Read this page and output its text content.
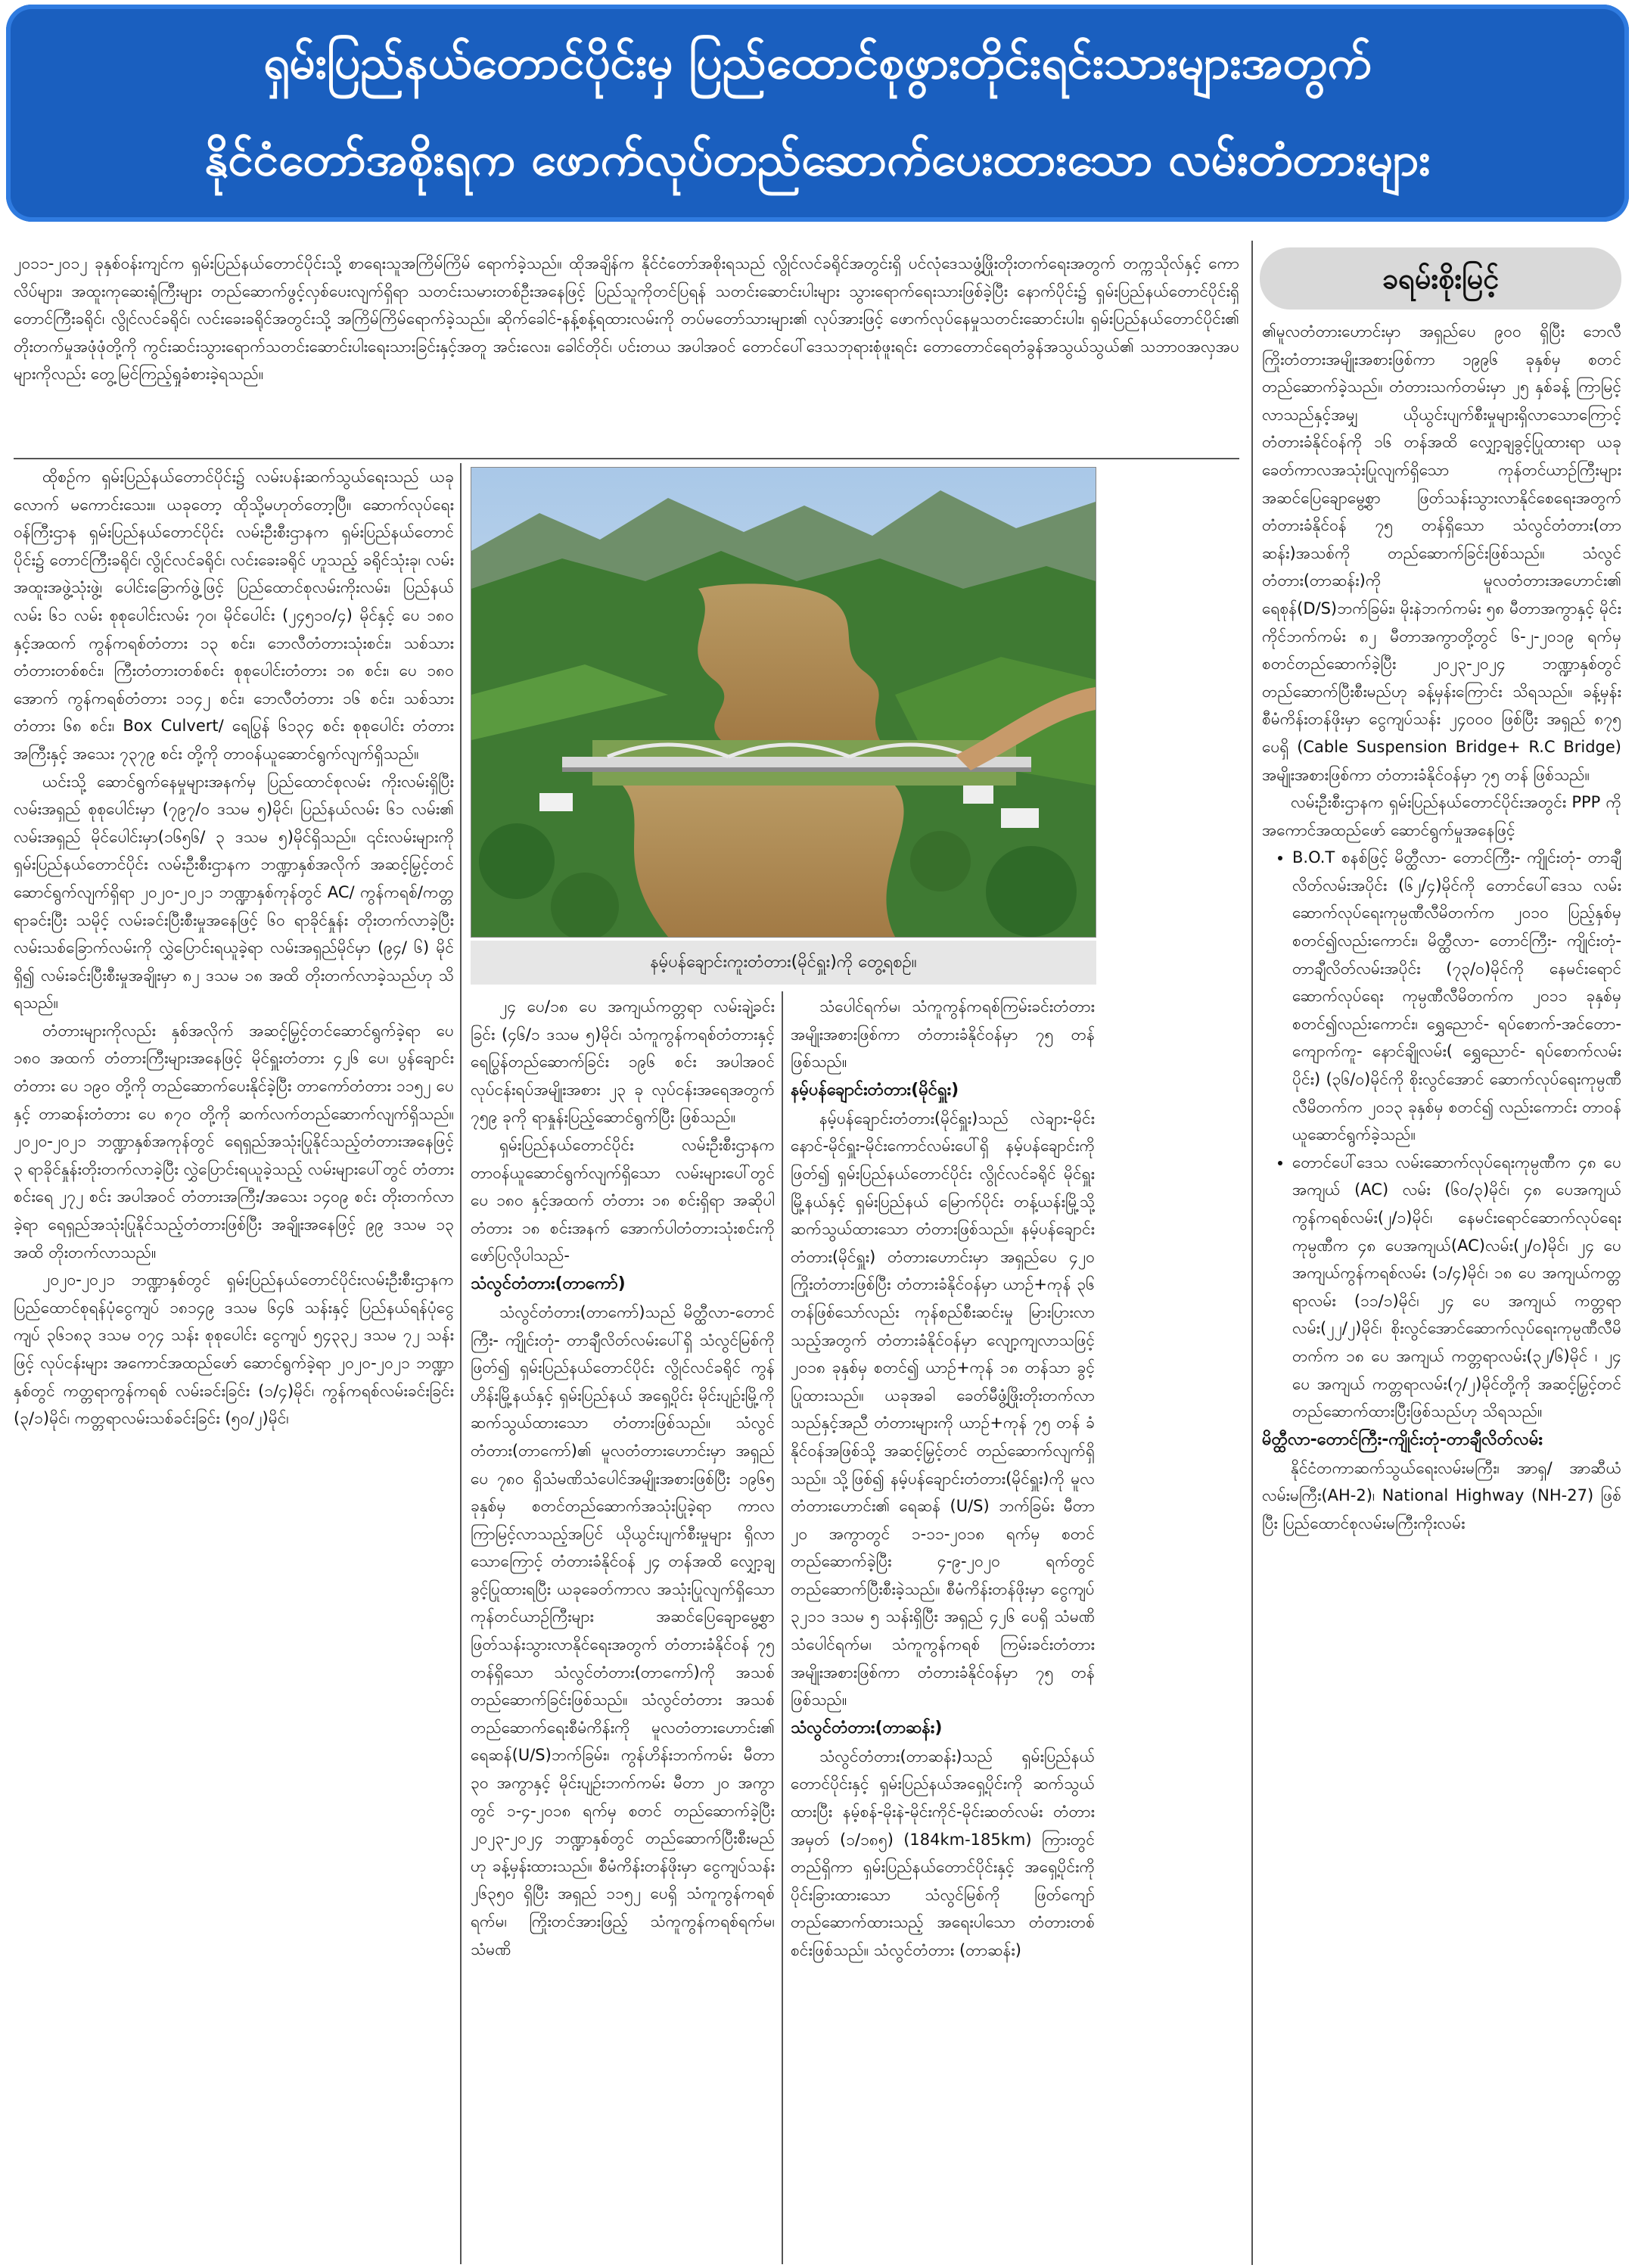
ရှမ်းပြည်နယ်တောင်ပိုင်းမှ ပြည်ထောင်စုဖွားတိုင်းရင်းသားများအတွက်
နိုင်ငံတော်အစိုးရက ဖောက်လုပ်တည်ဆောက်ပေးထားသော လမ်းတံတားများ
ခရမ်းစိုးမြင့်

၂၀၁၁-၂၀၁၂ ခုနှစ်ဝန်းကျင်က ရှမ်းပြည်နယ်တောင်ပိုင်းသို့ စာရေးသူအကြိမ်ကြိမ် ရောက်ခဲ့သည်။ ထိုအချိန်က နိုင်ငံတော်အစိုးရသည် လွိုင်လင်ခရိုင်အတွင်းရှိ ပင်လုံဒေသဖွံ့ဖြိုးတိုးတက်ရေးအတွက် တက္ကသိုလ်နှင့် ကောလိပ်များ၊ အထူးကုဆေးရုံကြီးများ တည်ဆောက်ဖွင့်လှစ်ပေးလျက်ရှိရာ သတင်းသမားတစ်ဦးအနေဖြင့် ပြည်သူကိုတင်ပြရန် သတင်းဆောင်းပါးများ သွားရောက်ရေးသားဖြစ်ခဲ့ပြီး နောက်ပိုင်း၌ ရှမ်းပြည်နယ်တောင်ပိုင်းရှိ တောင်ကြီးခရိုင်၊ လွိုင်လင်ခရိုင်၊ လင်းခေးခရိုင်အတွင်းသို့ အကြိမ်ကြိမ်ရောက်ခဲ့သည်။ ဆိုက်ခေါင်-နန့်စန့်ရထားလမ်းကို တပ်မတော်သားများ၏ လုပ်အားဖြင့် ဖောက်လုပ်နေမှုသတင်းဆောင်းပါး၊ ရှမ်းပြည်နယ်တောင်ပိုင်း၏ တိုးတက်မှုအဖုံဖုံတို့ကို ကွင်းဆင်းသွားရောက်သတင်းဆောင်းပါးရေးသားခြင်းနှင့်အတူ အင်းလေး၊ ခေါင်တိုင်၊ ပင်းတယ အပါအဝင် တောင်ပေါ်ဒေသဘုရားစုံဖူးရင်း တောတောင်ရေတံခွန်အသွယ်သွယ်၏ သဘာဝအလှအပများကိုလည်း တွေ့မြင်ကြည့်ရှုခံစားခဲ့ရသည်။

ထိုစဉ်က ရှမ်းပြည်နယ်တောင်ပိုင်း၌ လမ်းပန်းဆက်သွယ်ရေးသည် ယခုလောက် မကောင်းသေး။ ယခုတော့ ထိုသို့မဟုတ်တော့ပြီ။ ဆောက်လုပ်ရေးဝန်ကြီးဌာန ရှမ်းပြည်နယ်တောင်ပိုင်း လမ်းဦးစီးဌာနက ရှမ်းပြည်နယ်တောင်ပိုင်း၌ တောင်ကြီးခရိုင်၊ လွိုင်လင်ခရိုင်၊ လင်းခေးခရိုင် ဟူသည့် ခရိုင်သုံးခု၊ လမ်းအထူးအဖွဲ့သုံးဖွဲ့၊ ပေါင်းခြောက်ဖွဲ့ဖြင့် ပြည်ထောင်စုလမ်းကိုးလမ်း၊ ပြည်နယ်လမ်း ၆၁ လမ်း စုစုပေါင်းလမ်း ၇၀၊ မိုင်ပေါင်း (၂၄၅၁၀/၄) မိုင်နှင့် ပေ ၁၈၀ နှင့်အထက် ကွန်ကရစ်တံတား ၁၃ စင်း၊ ဘေလီတံတားသုံးစင်း၊ သစ်သားတံတားတစ်စင်း၊ ကြီးတံတားတစ်စင်း စုစုပေါင်းတံတား ၁၈ စင်း၊ ပေ ၁၈၀ အောက် ကွန်ကရစ်တံတား ၁၁၄၂ စင်း၊ ဘေလီတံတား ၁၆ စင်း၊ သစ်သားတံတား ၆၈ စင်း၊ Box Culvert/ ရေပြွန် ၆၁၃၄ စင်း စုစုပေါင်း တံတားအကြီးနှင့် အသေး ၇၃၇၉ စင်း တို့ကို တာဝန်ယူဆောင်ရွက်လျက်ရှိသည်။

ယင်းသို့ ဆောင်ရွက်နေမှုများအနက်မှ ပြည်ထောင်စုလမ်း ကိုးလမ်းရှိပြီး လမ်းအရှည် စုစုပေါင်းမှာ (၇၉၇/၀ ဒသမ ၅)မိုင်၊ ပြည်နယ်လမ်း ၆၁ လမ်း၏ လမ်းအရှည် မိုင်ပေါင်းမှာ(၁၆၅၆/ ၃ ဒသမ ၅)မိုင်ရှိသည်။ ၎င်းလမ်းများကို ရှမ်းပြည်နယ်တောင်ပိုင်း လမ်းဦးစီးဌာနက ဘဏ္ဍာနှစ်အလိုက် အဆင့်မြှင့်တင် ဆောင်ရွက်လျက်ရှိရာ ၂၀၂၀-၂၀၂၁ ဘဏ္ဍာနှစ်ကုန်တွင် AC/ ကွန်ကရစ်/ကတ္တရာခင်းပြီး သမိုင့် လမ်းခင်းပြီးစီးမှုအနေဖြင့် ၆၀ ရာခိုင်နှုန်း တိုးတက်လာခဲ့ပြီး လမ်းသစ်ခြောက်လမ်းကို လွှဲပြောင်းရယူခဲ့ရာ လမ်းအရှည်မိုင်မှာ (၉၄/ ၆) မိုင်ရှိ၍ လမ်းခင်းပြီးစီးမှုအချိုးမှာ ၈၂ ဒသမ ၁၈ အထိ တိုးတက်လာခဲ့သည်ဟု သိရသည်။

တံတားများကိုလည်း နှစ်အလိုက် အဆင့်မြှင့်တင်ဆောင်ရွက်ခဲ့ရာ ပေ ၁၈၀ အထက် တံတားကြီးများအနေဖြင့် မိုင်ရှူးတံတား ၄၂၆ ပေ၊ ပွန်ချောင်းတံတား ပေ ၁၉၀ တို့ကို တည်ဆောက်ပေးနိုင်ခဲ့ပြီး တာကော်တံတား ၁၁၅၂ ပေနှင့် တာဆန်းတံတား ပေ ၈၇၀ တို့ကို ဆက်လက်တည်ဆောက်လျက်ရှိသည်။ ၂၀၂၀-၂၀၂၁ ဘဏ္ဍာနှစ်အကုန်တွင် ရေရှည်အသုံးပြုနိုင်သည့်တံတားအနေဖြင့် ၃ ရာခိုင်နှုန်းတိုးတက်လာခဲ့ပြီး လွှဲပြောင်းရယူခဲ့သည့် လမ်းများပေါ်တွင် တံတားစင်းရေ ၂၇၂ စင်း အပါအဝင် တံတားအကြီး/အသေး ၁၄၀၉ စင်း တိုးတက်လာခဲ့ရာ ရေရှည်အသုံးပြုနိုင်သည့်တံတားဖြစ်ပြီး အချိုးအနေဖြင့် ၉၉ ဒသမ ၁၃ အထိ တိုးတက်လာသည်။

၂၀၂၀-၂၀၂၁ ဘဏ္ဍာနှစ်တွင် ရှမ်းပြည်နယ်တောင်ပိုင်းလမ်းဦးစီးဌာနက ပြည်ထောင်စုရန်ပုံငွေကျပ် ၁၈၁၄၉ ဒသမ ၆၄၆ သန်းနှင့် ပြည်နယ်ရန်ပုံငွေကျပ် ၃၆၁၈၃ ဒသမ ၀၇၄ သန်း စုစုပေါင်း ငွေကျပ် ၅၄၃၃၂ ဒသမ ၇၂ သန်းဖြင့် လုပ်ငန်းများ အကောင်အထည်ဖော် ဆောင်ရွက်ခဲ့ရာ ၂၀၂၀-၂၀၂၁ ဘဏ္ဍာနှစ်တွင် ကတ္တရာကွန်ကရစ် လမ်းခင်းခြင်း (၁/၄)မိုင်၊ ကွန်ကရစ်လမ်းခင်းခြင်း (၃/၁)မိုင်၊ ကတ္တရာလမ်းသစ်ခင်းခြင်း (၅၀/၂)မိုင်၊

၂၄ ပေ/၁၈ ပေ အကျယ်ကတ္တရာ လမ်းချဲ့ခင်းခြင်း (၄၆/၁ ဒသမ ၅)မိုင်၊ သံကူကွန်ကရစ်တံတားနှင့် ရေပြွန်တည်ဆောက်ခြင်း ၁၉၆ စင်း အပါအဝင် လုပ်ငန်းရပ်အမျိုးအစား ၂၃ ခု လုပ်ငန်းအရေအတွက် ၇၅၉ ခုကို ရာနှုန်းပြည့်ဆောင်ရွက်ပြီး ဖြစ်သည်။

ရှမ်းပြည်နယ်တောင်ပိုင်း လမ်းဦးစီးဌာနက တာဝန်ယူဆောင်ရွက်လျက်ရှိသော လမ်းများပေါ်တွင် ပေ ၁၈၀ နှင့်အထက် တံတား ၁၈ စင်းရှိရာ အဆိုပါတံတား ၁၈ စင်းအနက် အောက်ပါတံတားသုံးစင်းကို ဖော်ပြလိုပါသည်-

သံလွင်တံတား(တာကော်)

သံလွင်တံတား(တာကော်)သည် မိတ္ထီလာ-တောင်ကြီး- ကျိုင်းတုံ- တာချီလိတ်လမ်းပေါ်ရှိ သံလွင်မြစ်ကိုဖြတ်၍ ရှမ်းပြည်နယ်တောင်ပိုင်း လွိုင်လင်ခရိုင် ကွန်ဟိန်းမြို့နယ်နှင့် ရှမ်းပြည်နယ် အရှေ့ပိုင်း မိုင်းပျဉ်းမြို့ကို ဆက်သွယ်ထားသော တံတားဖြစ်သည်။ သံလွင်တံတား(တာကော်)၏ မူလတံတားဟောင်းမှာ အရှည်ပေ ၇၈၀ ရှိသံမဏိသံပေါင်အမျိုးအစားဖြစ်ပြီး ၁၉၆၅ ခုနှစ်မှ စတင်တည်ဆောက်အသုံးပြုခဲ့ရာ ကာလကြာမြင့်လာသည့်အပြင် ယိုယွင်းပျက်စီးမှုများ ရှိလာသောကြောင့် တံတားခံနိုင်ဝန် ၂၄ တန်အထိ လျှော့ချ ခွင့်ပြုထားရပြီး ယခုခေတ်ကာလ အသုံးပြုလျက်ရှိသော ကုန်တင်ယာဉ်ကြီးများ အဆင်ပြေချောမွေ့စွာ ဖြတ်သန်းသွားလာနိုင်ရေးအတွက် တံတားခံနိုင်ဝန် ၇၅ တန်ရှိသော သံလွင်တံတား(တာကော်)ကို အသစ် တည်ဆောက်ခြင်းဖြစ်သည်။ သံလွင်တံတား အသစ် တည်ဆောက်ရေးစီမံကိန်းကို မူလတံတားဟောင်း၏ ရေဆန်(U/S)ဘက်ခြမ်း၊ ကွန်ဟိန်းဘက်ကမ်း မီတာ ၃၀ အကွာနှင့် မိုင်းပျဉ်းဘက်ကမ်း မီတာ ၂၀ အကွာတွင် ၁-၄-၂၀၁၈ ရက်မှ စတင် တည်ဆောက်ခဲ့ပြီး ၂၀၂၃-၂၀၂၄ ဘဏ္ဍာနှစ်တွင် တည်ဆောက်ပြီးစီးမည်ဟု ခန့်မှန်းထားသည်။ စီမံကိန်းတန်ဖိုးမှာ ငွေကျပ်သန်း ၂၆၃၅၀ ရှိပြီး အရှည် ၁၁၅၂ ပေရှိ သံကူကွန်ကရစ်ရက်မ၊ ကြိုးတင်အားဖြည့် သံကူကွန်ကရစ်ရက်မ၊ သံမဏိ

သံပေါင်ရက်မ၊ သံကူကွန်ကရစ်ကြမ်းခင်းတံတား အမျိုးအစားဖြစ်ကာ တံတားခံနိုင်ဝန်မှာ ၇၅ တန် ဖြစ်သည်။

နမ့်ပန်ချောင်းတံတား(မိုင်ရှူး)

နမ့်ပန်ချောင်းတံတား(မိုင်ရှူး)သည် လဲချား-မိုင်းနောင်-မိုင်ရှူး-မိုင်းကောင်လမ်းပေါ်ရှိ နမ့်ပန်ချောင်းကိုဖြတ်၍ ရှမ်းပြည်နယ်တောင်ပိုင်း လွိုင်လင်ခရိုင် မိုင်ရှူးမြို့နယ်နှင့် ရှမ်းပြည်နယ် မြောက်ပိုင်း တန့်ယန်းမြို့သို့ ဆက်သွယ်ထားသော တံတားဖြစ်သည်။ နမ့်ပန်ချောင်းတံတား(မိုင်ရှူး) တံတားဟောင်းမှာ အရှည်ပေ ၄၂၀ ကြိုးတံတားဖြစ်ပြီး တံတားခံနိုင်ဝန်မှာ ယာဉ်+ကုန် ၃၆ တန်ဖြစ်သော်လည်း ကုန်စည်စီးဆင်းမှု မြားပြားလာသည့်အတွက် တံတားခံနိုင်ဝန်မှာ လျော့ကျလာသဖြင့် ၂၀၁၈ ခုနှစ်မှ စတင်၍ ယာဉ်+ကုန် ၁၈ တန်သာ ခွင့်ပြုထားသည်။ ယခုအခါ ခေတ်မီဖွံ့ဖြိုးတိုးတက်လာသည်နှင့်အညီ တံတားများကို ယာဉ်+ကုန် ၇၅ တန် ခံနိုင်ဝန်အဖြစ်သို့ အဆင့်မြှင့်တင် တည်ဆောက်လျက်ရှိသည်။ သို့ဖြစ်၍ နမ့်ပန်ချောင်းတံတား(မိုင်ရှူး)ကို မူလတံတားဟောင်း၏ ရေဆန် (U/S) ဘက်ခြမ်း မီတာ ၂၀ အကွာတွင် ၁-၁၁-၂၀၁၈ ရက်မှ စတင်တည်ဆောက်ခဲ့ပြီး ၄-၉-၂၀၂၀ ရက်တွင် တည်ဆောက်ပြီးစီးခဲ့သည်။ စီမံကိန်းတန်ဖိုးမှာ ငွေကျပ် ၃၂၁၁ ဒသမ ၅ သန်းရှိပြီး အရှည် ၄၂၆ ပေရှိ သံမဏိသံပေါင်ရက်မ၊ သံကူကွန်ကရစ် ကြမ်းခင်းတံတားအမျိုးအစားဖြစ်ကာ တံတားခံနိုင်ဝန်မှာ ၇၅ တန် ဖြစ်သည်။

သံလွင်တံတား(တာဆန်း)

သံလွင်တံတား(တာဆန်း)သည် ရှမ်းပြည်နယ်တောင်ပိုင်းနှင့် ရှမ်းပြည်နယ်အရှေ့ပိုင်းကို ဆက်သွယ်ထားပြီး နမ့်စန်-မိုးနဲ-မိုင်းကိုင်-မိုင်းဆတ်လမ်း တံတားအမှတ် (၁/၁၈၅) (184km-185km) ကြားတွင် တည်ရှိကာ ရှမ်းပြည်နယ်တောင်ပိုင်းနှင့် အရှေ့ပိုင်းကို ပိုင်းခြားထားသော သံလွင်မြစ်ကို ဖြတ်ကျော်တည်ဆောက်ထားသည့် အရေးပါသော တံတားတစ်စင်းဖြစ်သည်။ သံလွင်တံတား (တာဆန်း)

၏မူလတံတားဟောင်းမှာ အရှည်ပေ ၉၀၀ ရှိပြီး ဘေလီကြိုးတံတားအမျိုးအစားဖြစ်ကာ ၁၉၉၆ ခုနှစ်မှ စတင်တည်ဆောက်ခဲ့သည်။ တံတားသက်တမ်းမှာ ၂၅ နှစ်ခန့် ကြာမြင့်လာသည်နှင့်အမျှ ယိုယွင်းပျက်စီးမှုများရှိလာသောကြောင့် တံတားခံနိုင်ဝန်ကို ၁၆ တန်အထိ လျှော့ချခွင့်ပြုထားရာ ယခုခေတ်ကာလအသုံးပြုလျက်ရှိသော ကုန်တင်ယာဉ်ကြီးများ အဆင်ပြေချောမွေ့စွာ ဖြတ်သန်းသွားလာနိုင်စေရေးအတွက် တံတားခံနိုင်ဝန် ၇၅ တန်ရှိသော သံလွင်တံတား(တာဆန်း)အသစ်ကို တည်ဆောက်ခြင်းဖြစ်သည်။ သံလွင်တံတား(တာဆန်း)ကို မူလတံတားအဟောင်း၏ ရေစုန်(D/S)ဘက်ခြမ်း၊ မိုးနဲဘက်ကမ်း ၅၈ မီတာအကွာနှင့် မိုင်းကိုင်ဘက်ကမ်း ၈၂ မီတာအကွာတို့တွင် ၆-၂-၂၀၁၉ ရက်မှ စတင်တည်ဆောက်ခဲ့ပြီး ၂၀၂၃-၂၀၂၄ ဘဏ္ဍာနှစ်တွင် တည်ဆောက်ပြီးစီးမည်ဟု ခန့်မှန်းကြောင်း သိရသည်။ ခန့်မှန်းစီမံကိန်းတန်ဖိုးမှာ ငွေကျပ်သန်း ၂၄၀၀၀ ဖြစ်ပြီး အရှည် ၈၇၅ ပေရှိ (Cable Suspension Bridge+ R.C Bridge) အမျိုးအစားဖြစ်ကာ တံတားခံနိုင်ဝန်မှာ ၇၅ တန် ဖြစ်သည်။

လမ်းဦးစီးဌာနက ရှမ်းပြည်နယ်တောင်ပိုင်းအတွင်း PPP ကို အကောင်အထည်ဖော် ဆောင်ရွက်မှုအနေဖြင့်

• B.O.T စနစ်ဖြင့် မိတ္ထီလာ- တောင်ကြီး- ကျိုင်းတုံ- တာချီလိတ်လမ်းအပိုင်း (၆၂/၄)မိုင်ကို တောင်ပေါ်ဒေသ လမ်းဆောက်လုပ်ရေးကုမ္ပဏီလီမိတက်က ၂၀၁၀ ပြည့်နှစ်မှ စတင်၍လည်းကောင်း၊ မိတ္ထီလာ- တောင်ကြီး- ကျိုင်းတုံ- တာချီလိတ်လမ်းအပိုင်း (၇၃/၀)မိုင်ကို နေမင်းရောင်ဆောက်လုပ်ရေး ကုမ္ပဏီလီမိတက်က ၂၀၁၁ ခုနှစ်မှ စတင်၍လည်းကောင်း၊ ရွှေညောင်- ရပ်စောက်-အင်တော- ကျောက်ကူ- နောင်ချိုလမ်း( ရွှေညောင်- ရပ်စောက်လမ်းပိုင်း) (၃၆/၀)မိုင်ကို စိုးလွင်အောင် ဆောက်လုပ်ရေးကုမ္ပဏီလီမိတက်က ၂၀၁၃ ခုနှစ်မှ စတင်၍ လည်းကောင်း တာဝန်ယူဆောင်ရွက်ခဲ့သည်။
• တောင်ပေါ်ဒေသ လမ်းဆောက်လုပ်ရေးကုမ္ပဏီက ၄၈ ပေအကျယ် (AC) လမ်း (၆၀/၃)မိုင်၊ ၄၈ ပေအကျယ်ကွန်ကရစ်လမ်း(၂/၁)မိုင်၊ နေမင်းရောင်ဆောက်လုပ်ရေးကုမ္ပဏီက ၄၈ ပေအကျယ်(AC)လမ်း(၂/၀)မိုင်၊ ၂၄ ပေ အကျယ်ကွန်ကရစ်လမ်း (၁/၄)မိုင်၊ ၁၈ ပေ အကျယ်ကတ္တရာလမ်း (၁၁/၁)မိုင်၊ ၂၄ ပေ အကျယ် ကတ္တရာလမ်း(၂၂/၂)မိုင်၊ စိုးလွင်အောင်ဆောက်လုပ်ရေးကုမ္ပဏီလီမိတက်က ၁၈ ပေ အကျယ် ကတ္တရာလမ်း(၃၂/၆)မိုင် ၊ ၂၄ ပေ အကျယ် ကတ္တရာလမ်း(၇/၂)မိုင်တို့ကို အဆင့်မြှင့်တင် တည်ဆောက်ထားပြီးဖြစ်သည်ဟု သိရသည်။
မိတ္ထီလာ-တောင်ကြီး-ကျိုင်းတုံ-တာချီလိတ်လမ်း

နိုင်ငံတကာဆက်သွယ်ရေးလမ်းမကြီး၊ အာရှ/ အာဆီယံလမ်းမကြီး(AH-2)၊ National Highway (NH-27) ဖြစ်ပြီး ပြည်ထောင်စုလမ်းမကြီးကိုးလမ်း

နမ့်ပန်ချောင်းကူးတံတား(မိုင်ရှူး)ကို တွေ့ရစဉ်။
